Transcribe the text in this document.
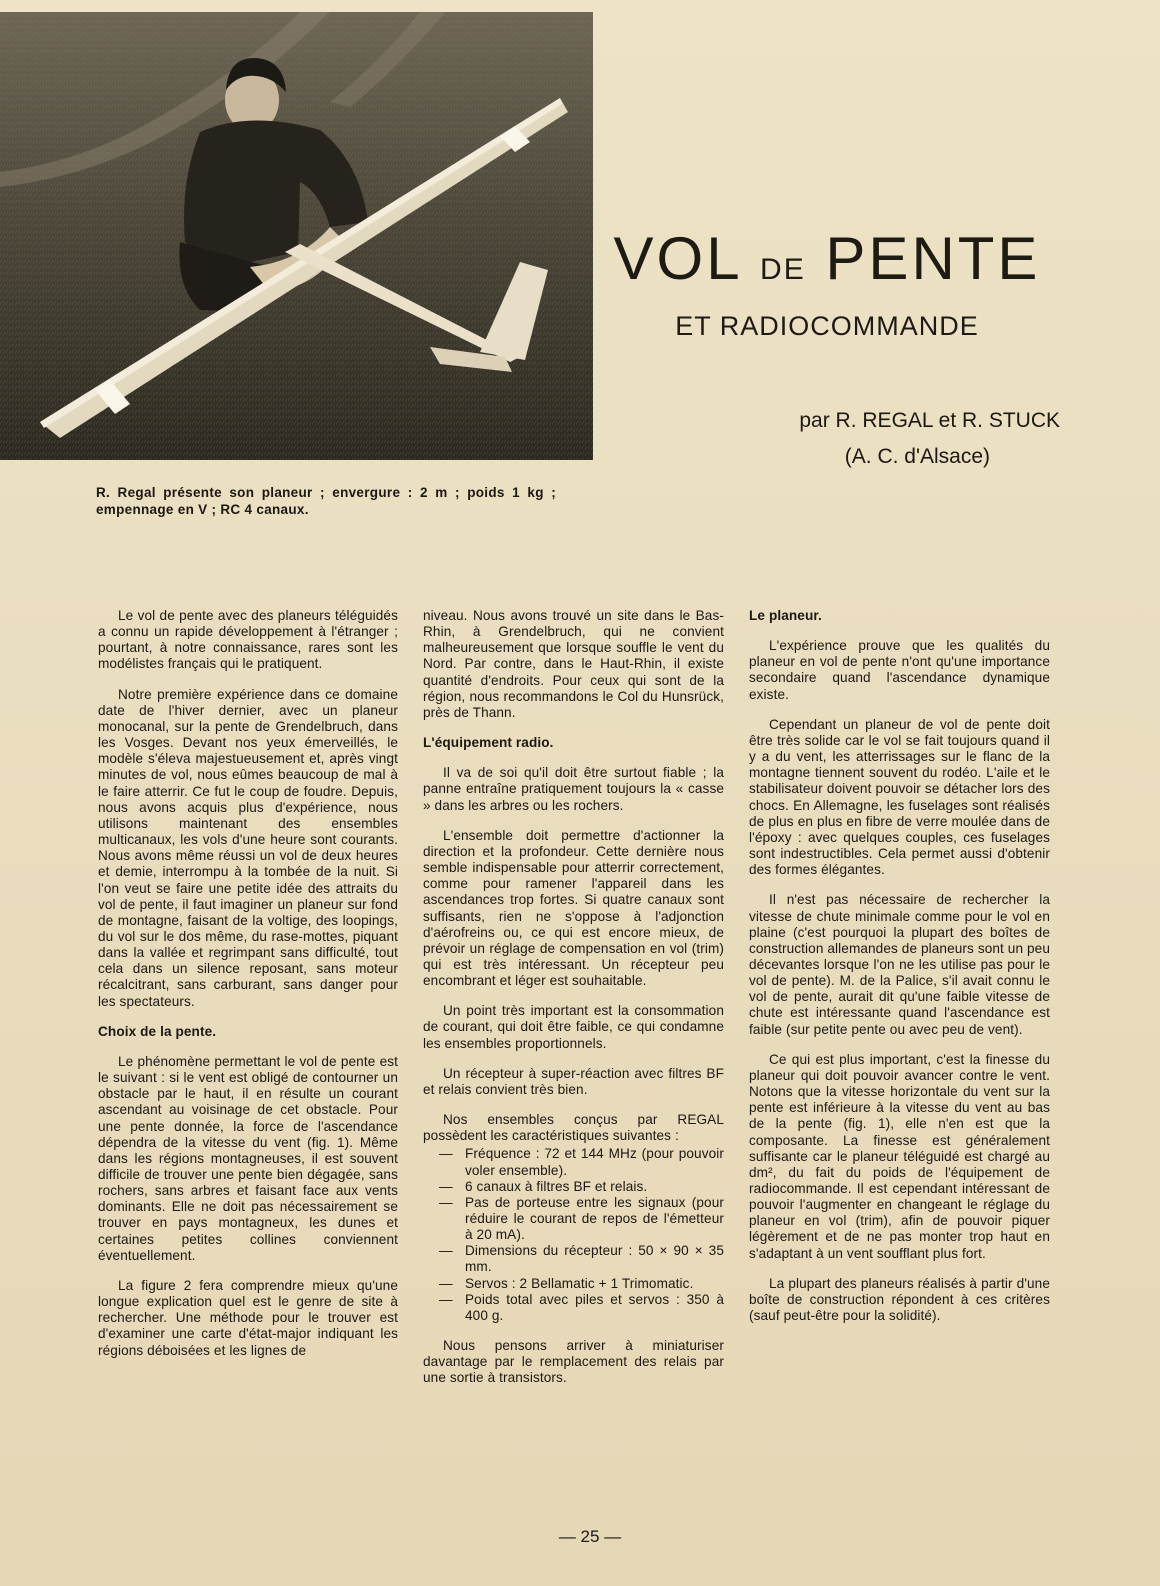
VOL DE PENTE
ET RADIOCOMMANDE
par R. REGAL et R. STUCK
(A. C. d'Alsace)
R. Regal présente son planeur ; envergure : 2 m ; poids 1 kg ; empennage en V ; RC 4 canaux.

Le vol de pente avec des planeurs téléguidés a connu un rapide développement à l'étranger ; pourtant, à notre connaissance, rares sont les modélistes français qui le pratiquent.

Notre première expérience dans ce domaine date de l'hiver dernier, avec un planeur monocanal, sur la pente de Grendelbruch, dans les Vosges. Devant nos yeux émerveillés, le modèle s'éleva majestueusement et, après vingt minutes de vol, nous eûmes beaucoup de mal à le faire atterrir. Ce fut le coup de foudre. Depuis, nous avons acquis plus d'expérience, nous utilisons maintenant des ensembles multicanaux, les vols d'une heure sont courants. Nous avons même réussi un vol de deux heures et demie, interrompu à la tombée de la nuit. Si l'on veut se faire une petite idée des attraits du vol de pente, il faut imaginer un planeur sur fond de montagne, faisant de la voltige, des loopings, du vol sur le dos même, du rase-mottes, piquant dans la vallée et regrimpant sans difficulté, tout cela dans un silence reposant, sans moteur récalcitrant, sans carburant, sans danger pour les spectateurs.

Choix de la pente.

Le phénomène permettant le vol de pente est le suivant : si le vent est obligé de contourner un obstacle par le haut, il en résulte un courant ascendant au voisinage de cet obstacle. Pour une pente donnée, la force de l'ascendance dépendra de la vitesse du vent (fig. 1). Même dans les régions montagneuses, il est souvent difficile de trouver une pente bien dégagée, sans rochers, sans arbres et faisant face aux vents dominants. Elle ne doit pas nécessairement se trouver en pays montagneux, les dunes et certaines petites collines conviennent éventuellement.

La figure 2 fera comprendre mieux qu'une longue explication quel est le genre de site à rechercher. Une méthode pour le trouver est d'examiner une carte d'état-major indiquant les régions déboisées et les lignes de

niveau. Nous avons trouvé un site dans le Bas-Rhin, à Grendelbruch, qui ne convient malheureusement que lorsque souffle le vent du Nord. Par contre, dans le Haut-Rhin, il existe quantité d'endroits. Pour ceux qui sont de la région, nous recommandons le Col du Hunsrück, près de Thann.

L'équipement radio.

Il va de soi qu'il doit être surtout fiable ; la panne entraîne pratiquement toujours la « casse » dans les arbres ou les rochers.

L'ensemble doit permettre d'actionner la direction et la profondeur. Cette dernière nous semble indispensable pour atterrir correctement, comme pour ramener l'appareil dans les ascendances trop fortes. Si quatre canaux sont suffisants, rien ne s'oppose à l'adjonction d'aérofreins ou, ce qui est encore mieux, de prévoir un réglage de compensation en vol (trim) qui est très intéressant. Un récepteur peu encombrant et léger est souhaitable.

Un point très important est la consommation de courant, qui doit être faible, ce qui condamne les ensembles proportionnels.

Un récepteur à super-réaction avec filtres BF et relais convient très bien.

Nos ensembles conçus par REGAL possèdent les caractéristiques suivantes :

— Fréquence : 72 et 144 MHz (pour pouvoir voler ensemble).
— 6 canaux à filtres BF et relais.
— Pas de porteuse entre les signaux (pour réduire le courant de repos de l'émetteur à 20 mA).
— Dimensions du récepteur : 50 × 90 × 35 mm.
— Servos : 2 Bellamatic + 1 Trimomatic.
— Poids total avec piles et servos : 350 à 400 g.

Nous pensons arriver à miniaturiser davantage par le remplacement des relais par une sortie à transistors.

Le planeur.

L'expérience prouve que les qualités du planeur en vol de pente n'ont qu'une importance secondaire quand l'ascendance dynamique existe.

Cependant un planeur de vol de pente doit être très solide car le vol se fait toujours quand il y a du vent, les atterrissages sur le flanc de la montagne tiennent souvent du rodéo. L'aile et le stabilisateur doivent pouvoir se détacher lors des chocs. En Allemagne, les fuselages sont réalisés de plus en plus en fibre de verre moulée dans de l'époxy : avec quelques couples, ces fuselages sont indestructibles. Cela permet aussi d'obtenir des formes élégantes.

Il n'est pas nécessaire de rechercher la vitesse de chute minimale comme pour le vol en plaine (c'est pourquoi la plupart des boîtes de construction allemandes de planeurs sont un peu décevantes lorsque l'on ne les utilise pas pour le vol de pente). M. de la Palice, s'il avait connu le vol de pente, aurait dit qu'une faible vitesse de chute est intéressante quand l'ascendance est faible (sur petite pente ou avec peu de vent).

Ce qui est plus important, c'est la finesse du planeur qui doit pouvoir avancer contre le vent. Notons que la vitesse horizontale du vent sur la pente est inférieure à la vitesse du vent au bas de la pente (fig. 1), elle n'en est que la composante. La finesse est généralement suffisante car le planeur téléguidé est chargé au dm², du fait du poids de l'équipement de radiocommande. Il est cependant intéressant de pouvoir l'augmenter en changeant le réglage du planeur en vol (trim), afin de pouvoir piquer légèrement et de ne pas monter trop haut en s'adaptant à un vent soufflant plus fort.

La plupart des planeurs réalisés à partir d'une boîte de construction répondent à ces critères (sauf peut-être pour la solidité).

— 25 —
